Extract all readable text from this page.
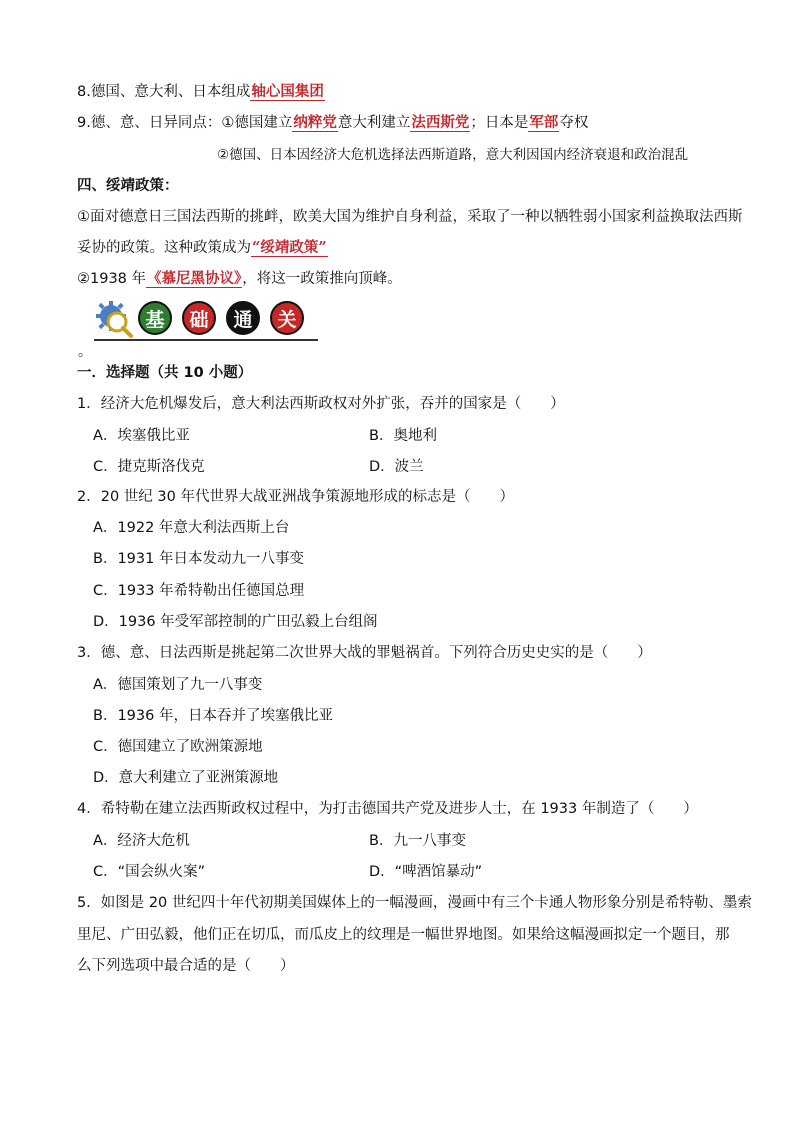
8.德国、意大利、日本组成轴心国集团
9.德、意、日异同点：①德国建立纳粹党意大利建立法西斯党；日本是军部夺权
②德国、日本因经济大危机选择法西斯道路，意大利因国内经济衰退和政治混乱
四、绥靖政策：
①面对德意日三国法西斯的挑衅，欧美大国为维护自身利益，采取了一种以牺牲弱小国家利益换取法西斯
妥协的政策。这种政策成为“绥靖政策”
②1938 年《慕尼黑协议》，将这一政策推向顶峰。
基	础	通	关
。
一．选择题（共 10 小题）
1．经济大危机爆发后，意大利法西斯政权对外扩张，吞并的国家是（　　）
A．埃塞俄比亚	B．奥地利
C．捷克斯洛伐克	D．波兰
2．20 世纪 30 年代世界大战亚洲战争策源地形成的标志是（　　）
A．1922 年意大利法西斯上台
B．1931 年日本发动九一八事变
C．1933 年希特勒出任德国总理
D．1936 年受军部控制的广田弘毅上台组阁
3．德、意、日法西斯是挑起第二次世界大战的罪魁祸首。下列符合历史史实的是（　　）
A．德国策划了九一八事变
B．1936 年，日本吞并了埃塞俄比亚
C．德国建立了欧洲策源地
D．意大利建立了亚洲策源地
4．希特勒在建立法西斯政权过程中，为打击德国共产党及进步人士，在 1933 年制造了（　　）
A．经济大危机	B．九一八事变
C．“国会纵火案”	D．“啤酒馆暴动”
5．如图是 20 世纪四十年代初期美国媒体上的一幅漫画，漫画中有三个卡通人物形象分别是希特勒、墨索
里尼、广田弘毅，他们正在切瓜，而瓜皮上的纹理是一幅世界地图。如果给这幅漫画拟定一个题目，那
么下列选项中最合适的是（　　）
